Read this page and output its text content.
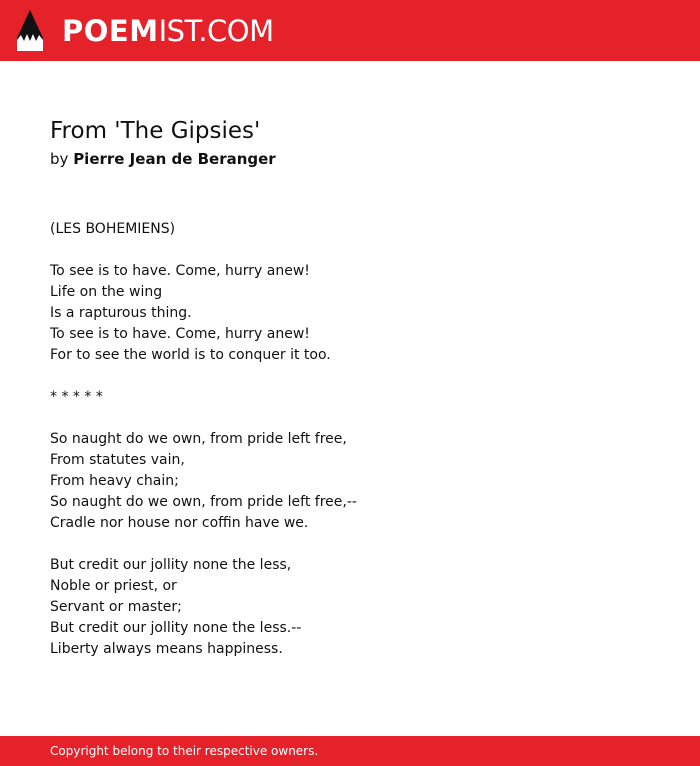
POEMIST.COM
From 'The Gipsies'
by Pierre Jean de Beranger
(LES BOHEMIENS)
To see is to have. Come, hurry anew!
Life on the wing
Is a rapturous thing.
To see is to have. Come, hurry anew!
For to see the world is to conquer it too.
* * * * *
So naught do we own, from pride left free,
From statutes vain,
From heavy chain;
So naught do we own, from pride left free,--
Cradle nor house nor coffin have we.
But credit our jollity none the less,
Noble or priest, or
Servant or master;
But credit our jollity none the less.--
Liberty always means happiness.
Copyright belong to their respective owners.
